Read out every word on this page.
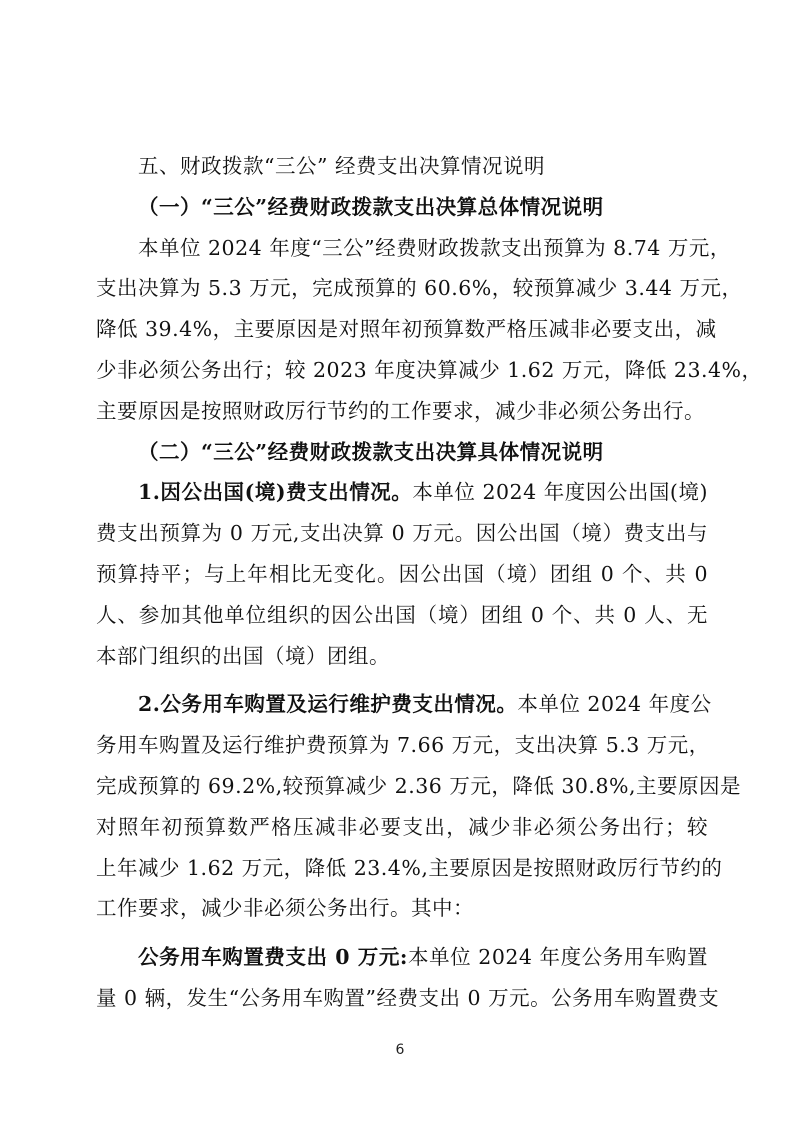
五、财政拨款“三公” 经费支出决算情况说明
（一）“三公”经费财政拨款支出决算总体情况说明
本单位 2024 年度“三公”经费财政拨款支出预算为 8.74 万元，
支出决算为 5.3 万元，完成预算的 60.6%，较预算减少 3.44 万元，
降低 39.4%，主要原因是对照年初预算数严格压减非必要支出，减
少非必须公务出行；较 2023 年度决算减少 1.62 万元，降低 23.4%，
主要原因是按照财政厉行节约的工作要求，减少非必须公务出行。
（二）“三公”经费财政拨款支出决算具体情况说明
1.因公出国(境)费支出情况。本单位 2024 年度因公出国(境)
费支出预算为 0 万元,支出决算 0 万元。因公出国（境）费支出与
预算持平；与上年相比无变化。因公出国（境）团组 0 个、共 0
人、参加其他单位组织的因公出国（境）团组 0 个、共 0 人、无
本部门组织的出国（境）团组。
2.公务用车购置及运行维护费支出情况。本单位 2024 年度公
务用车购置及运行维护费预算为 7.66 万元，支出决算 5.3 万元，
完成预算的 69.2%,较预算减少 2.36 万元，降低 30.8%,主要原因是
对照年初预算数严格压减非必要支出，减少非必须公务出行；较
上年减少 1.62 万元，降低 23.4%,主要原因是按照财政厉行节约的
工作要求，减少非必须公务出行。其中：
公务用车购置费支出 0 万元:本单位 2024 年度公务用车购置
量 0 辆，发生“公务用车购置”经费支出 0 万元。公务用车购置费支
6
